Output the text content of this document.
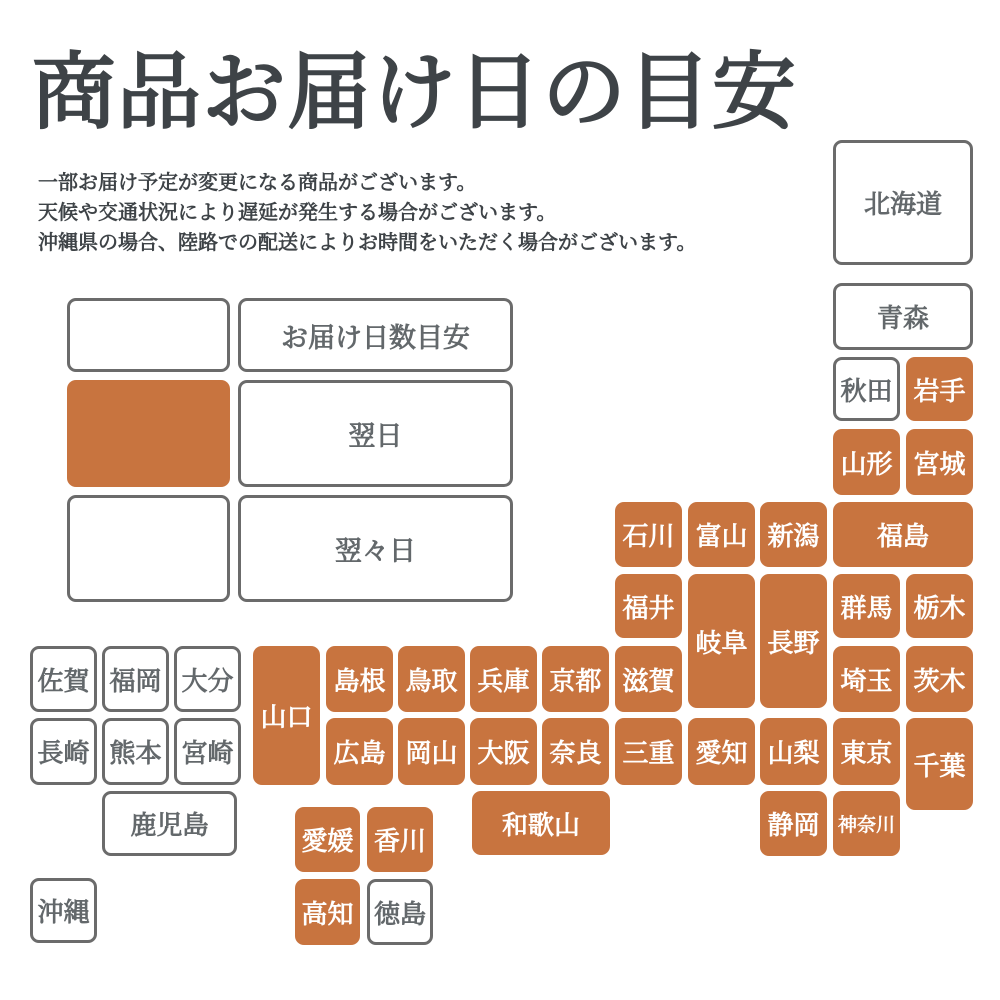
商品お届け日の目安
一部お届け予定が変更になる商品がございます。
天候や交通状況により遅延が発生する場合がございます。
沖縄県の場合、陸路での配送によりお時間をいただく場合がございます。
お届け日数目安
翌日
翌々日
北海道
青森
秋田 岩手
山形 宮城
石川 富山 新潟	福島
福井
岐阜 長野
群馬 栃木
佐賀 福岡 大分
山口
島根 鳥取 兵庫 京都 滋賀	埼玉 茨木
長崎 熊本 宮崎	広島 岡山 大阪 奈良 三重 愛知 山梨 東京 千葉
鹿児島	和歌山	静岡 神奈川
愛媛 香川
高知 徳島
沖縄
